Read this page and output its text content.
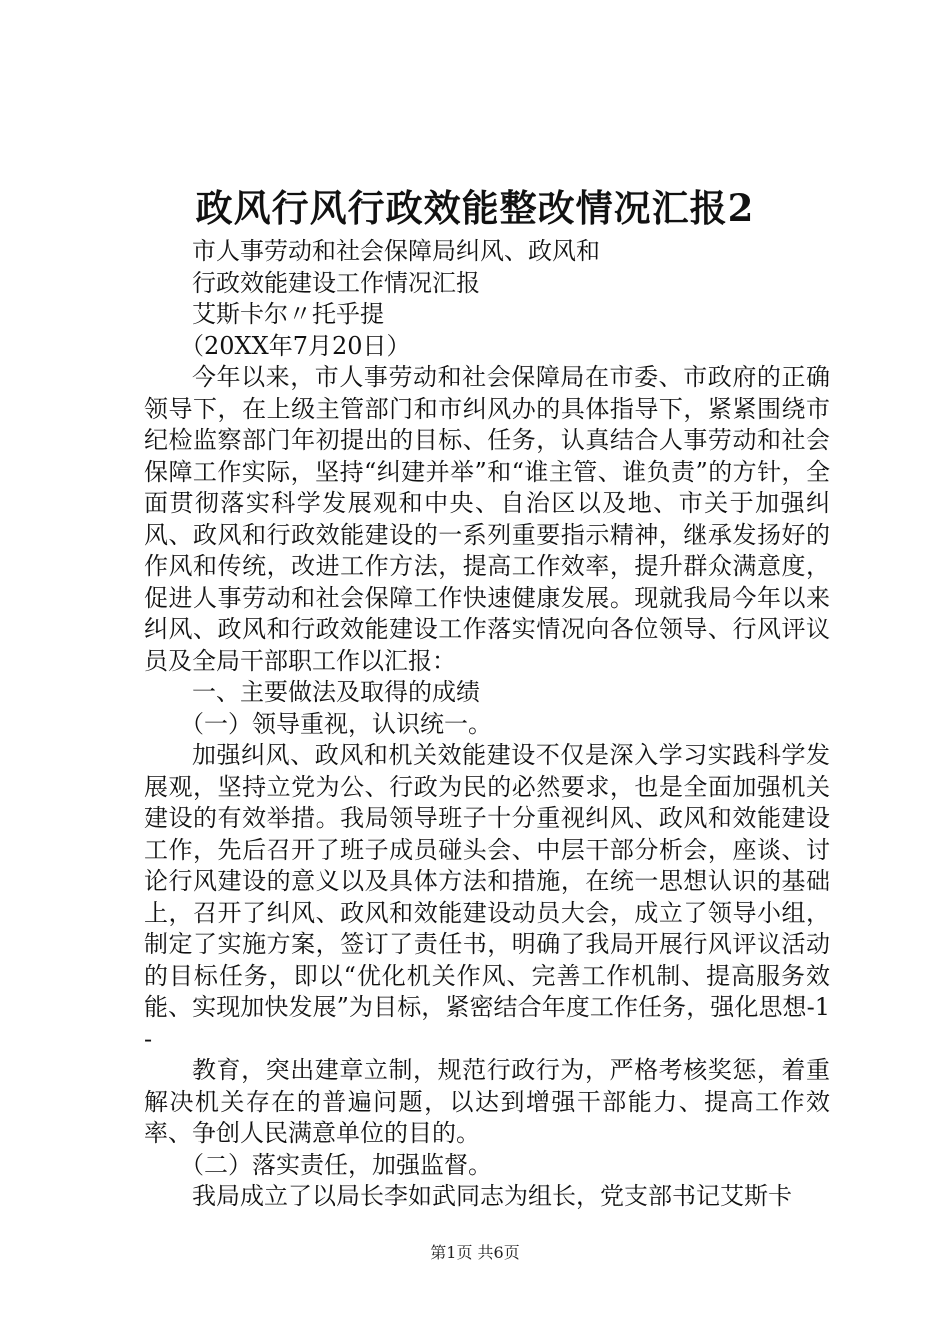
政风行风行政效能整改情况汇报2

市人事劳动和社会保障局纠风、政风和

行政效能建设工作情况汇报

艾斯卡尔〃托乎提

（20XX年7月20日）

今年以来，市人事劳动和社会保障局在市委、市政府的正确领导下，在上级主管部门和市纠风办的具体指导下，紧紧围绕市纪检监察部门年初提出的目标、任务，认真结合人事劳动和社会保障工作实际，坚持“纠建并举”和“谁主管、谁负责”的方针，全面贯彻落实科学发展观和中央、自治区以及地、市关于加强纠风、政风和行政效能建设的一系列重要指示精神，继承发扬好的作风和传统，改进工作方法，提高工作效率，提升群众满意度，促进人事劳动和社会保障工作快速健康发展。现就我局今年以来纠风、政风和行政效能建设工作落实情况向各位领导、行风评议员及全局干部职工作以汇报：

一、主要做法及取得的成绩

（一）领导重视，认识统一。

加强纠风、政风和机关效能建设不仅是深入学习实践科学发展观，坚持立党为公、行政为民的必然要求，也是全面加强机关建设的有效举措。我局领导班子十分重视纠风、政风和效能建设工作，先后召开了班子成员碰头会、中层干部分析会，座谈、讨论行风建设的意义以及具体方法和措施，在统一思想认识的基础上，召开了纠风、政风和效能建设动员大会，成立了领导小组，制定了实施方案，签订了责任书，明确了我局开展行风评议活动的目标任务，即以“优化机关作风、完善工作机制、提高服务效能、实现加快发展”为目标，紧密结合年度工作任务，强化思想-1-

教育，突出建章立制，规范行政行为，严格考核奖惩，着重解决机关存在的普遍问题，以达到增强干部能力、提高工作效率、争创人民满意单位的目的。

（二）落实责任，加强监督。

我局成立了以局长李如武同志为组长，党支部书记艾斯卡

第1页 共6页
